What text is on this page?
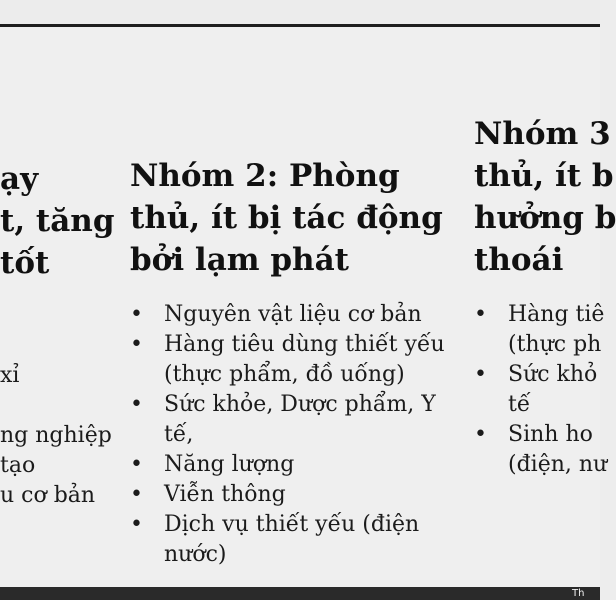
ạy
t, tăng
tốt
xỉ
ng nghiệp
tạo
u cơ bản
Nhóm 2: Phòng
thủ, ít bị tác động
bởi lạm phát
• Nguyên vật liệu cơ bản
• Hàng tiêu dùng thiết yếu
(thực phẩm, đồ uống)
• Sức khỏe, Dược phẩm, Y
tế,
• Năng lượng
• Viễn thông
• Dịch vụ thiết yếu (điện
nước)
Nhóm 3
thủ, ít b
hưởng b
thoái
• Hàng tiê
(thực ph
• Sức khỏ
tế
• Sinh ho
(điện, nư
Th
